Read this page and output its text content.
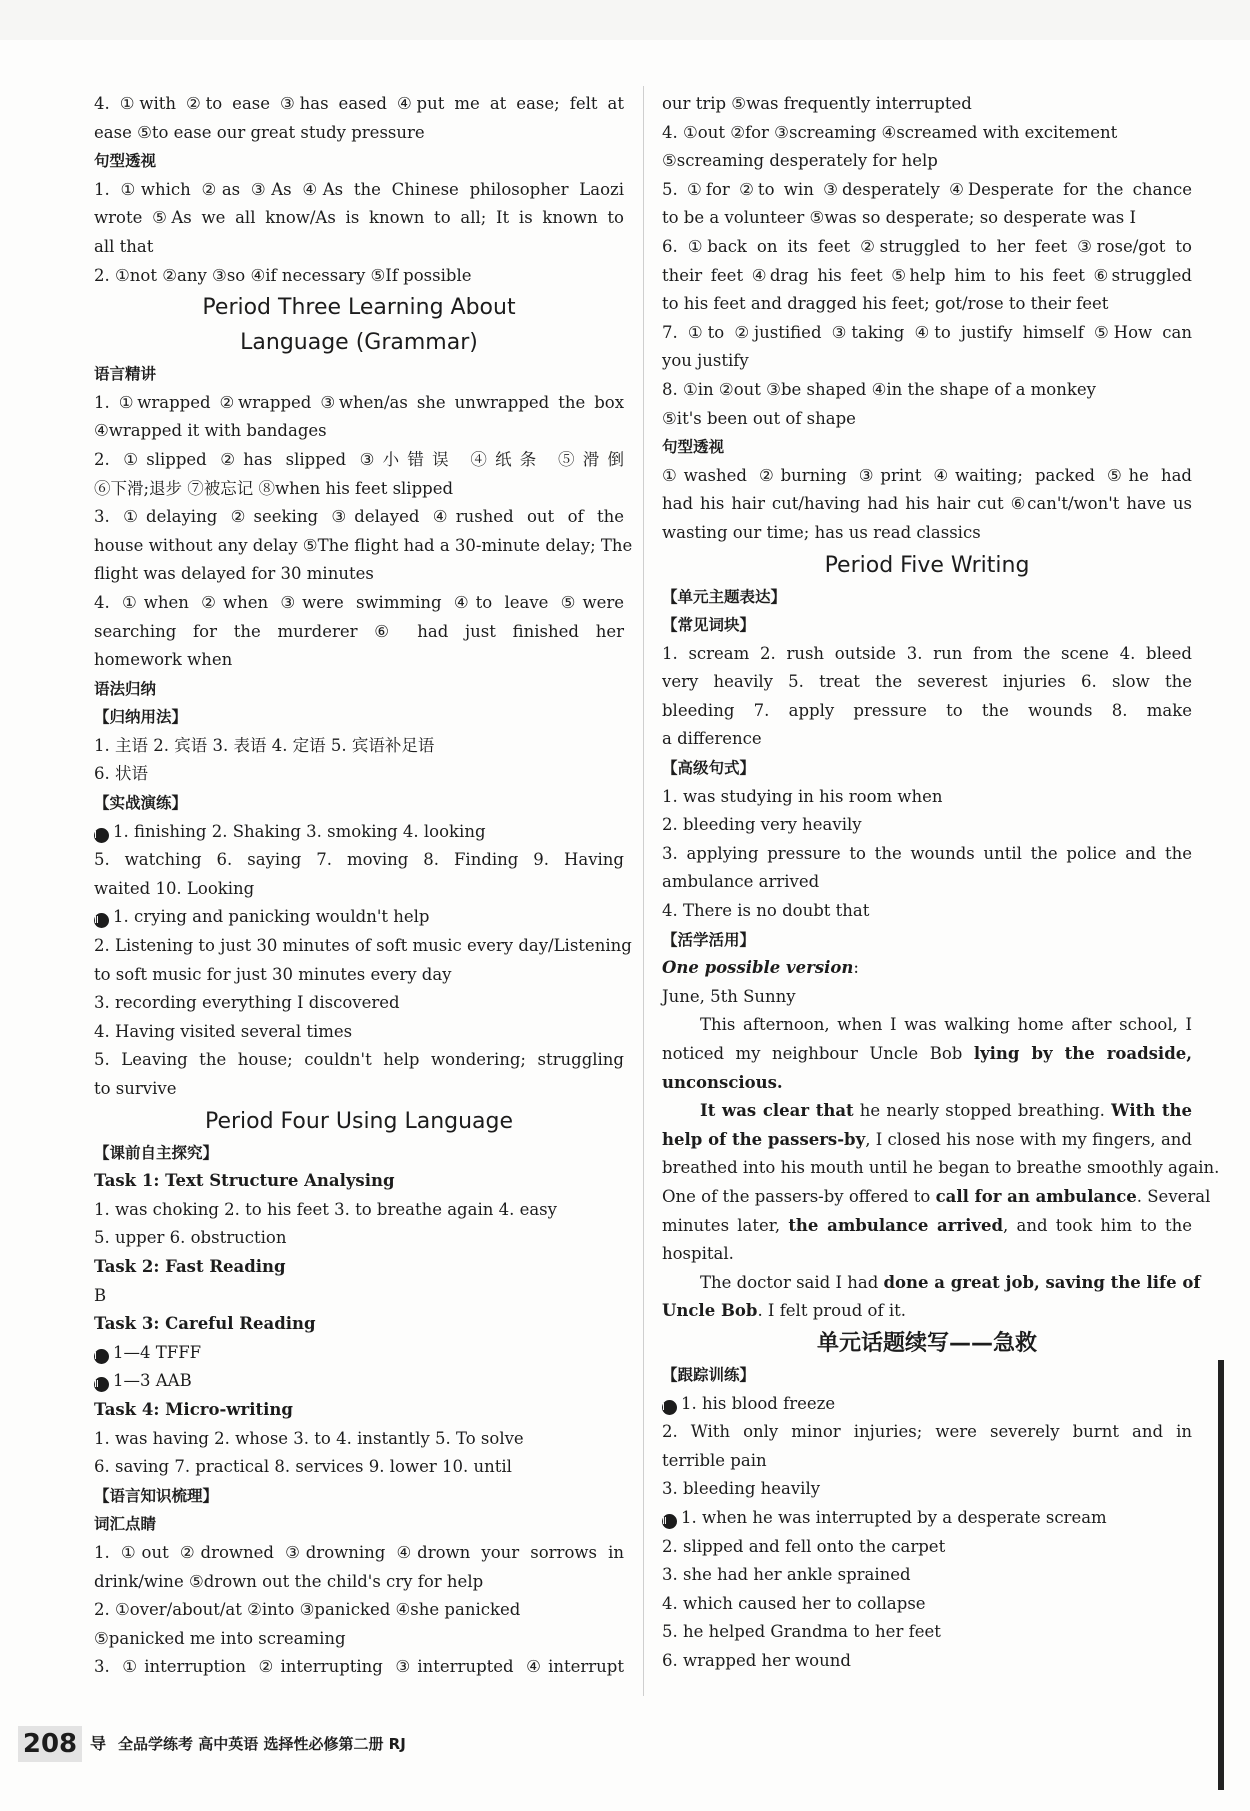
4. ①with ②to ease ③has eased ④put me at ease; felt at
ease ⑤to ease our great study pressure
句型透视
1. ①which ②as ③As ④As the Chinese philosopher Laozi
wrote ⑤As we all know/As is known to all; It is known to
all that
2. ①not ②any ③so ④if necessary ⑤If possible
Period Three Learning About
Language (Grammar)
语言精讲
1. ①wrapped ②wrapped ③when/as she unwrapped the box
④wrapped it with bandages
2. ①slipped ②has slipped ③小错误 ④纸条 ⑤滑倒
⑥下滑;退步 ⑦被忘记 ⑧when his feet slipped
3. ①delaying ②seeking ③delayed ④rushed out of the
house without any delay ⑤The flight had a 30-minute delay; The
flight was delayed for 30 minutes
4. ①when ②when ③were swimming ④to leave ⑤were
searching for the murderer ⑥ had just finished her
homework when
语法归纳
【归纳用法】
1. 主语 2. 宾语 3. 表语 4. 定语 5. 宾语补足语
6. 状语
【实战演练】
Ⅰ 1. finishing 2. Shaking 3. smoking 4. looking
5. watching 6. saying 7. moving 8. Finding 9. Having
waited 10. Looking
Ⅱ 1. crying and panicking wouldn't help
2. Listening to just 30 minutes of soft music every day/Listening
to soft music for just 30 minutes every day
3. recording everything I discovered
4. Having visited several times
5. Leaving the house; couldn't help wondering; struggling
to survive
Period Four Using Language
【课前自主探究】
Task 1: Text Structure Analysing
1. was choking 2. to his feet 3. to breathe again 4. easy
5. upper 6. obstruction
Task 2: Fast Reading
B
Task 3: Careful Reading
Ⅰ 1—4 TFFF
Ⅱ 1—3 AAB
Task 4: Micro-writing
1. was having 2. whose 3. to 4. instantly 5. To solve
6. saving 7. practical 8. services 9. lower 10. until
【语言知识梳理】
词汇点睛
1. ①out ②drowned ③drowning ④drown your sorrows in
drink/wine ⑤drown out the child's cry for help
2. ①over/about/at ②into ③panicked ④she panicked
⑤panicked me into screaming
3. ①interruption ②interrupting ③interrupted ④interrupt
our trip ⑤was frequently interrupted
4. ①out ②for ③screaming ④screamed with excitement
⑤screaming desperately for help
5. ①for ②to win ③desperately ④Desperate for the chance
to be a volunteer ⑤was so desperate; so desperate was I
6. ①back on its feet ②struggled to her feet ③rose/got to
their feet ④drag his feet ⑤help him to his feet ⑥struggled
to his feet and dragged his feet; got/rose to their feet
7. ①to ②justified ③taking ④to justify himself ⑤How can
you justify
8. ①in ②out ③be shaped ④in the shape of a monkey
⑤it's been out of shape
句型透视
①washed ②burning ③print ④waiting; packed ⑤he had
had his hair cut/having had his hair cut ⑥can't/won't have us
wasting our time; has us read classics
Period Five Writing
【单元主题表达】
【常见词块】
1. scream 2. rush outside 3. run from the scene 4. bleed
very heavily 5. treat the severest injuries 6. slow the
bleeding 7. apply pressure to the wounds 8. make
a difference
【高级句式】
1. was studying in his room when
2. bleeding very heavily
3. applying pressure to the wounds until the police and the
ambulance arrived
4. There is no doubt that
【活学活用】
One possible version:
June, 5th Sunny
This afternoon, when I was walking home after school, I
noticed my neighbour Uncle Bob lying by the roadside,
unconscious.
It was clear that he nearly stopped breathing. With the
help of the passers-by, I closed his nose with my fingers, and
breathed into his mouth until he began to breathe smoothly again.
One of the passers-by offered to call for an ambulance. Several
minutes later, the ambulance arrived, and took him to the
hospital.
The doctor said I had done a great job, saving the life of
Uncle Bob. I felt proud of it.
单元话题续写——急救
【跟踪训练】
Ⅰ 1. his blood freeze
2. With only minor injuries; were severely burnt and in
terrible pain
3. bleeding heavily
Ⅱ 1. when he was interrupted by a desperate scream
2. slipped and fell onto the carpet
3. she had her ankle sprained
4. which caused her to collapse
5. he helped Grandma to her feet
6. wrapped her wound
208 导 全品学练考 高中英语 选择性必修第二册 RJ
